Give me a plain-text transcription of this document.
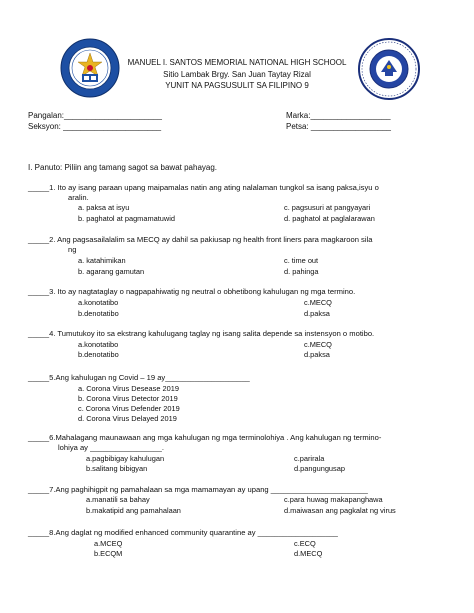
MANUEL I. SANTOS MEMORIAL NATIONAL HIGH SCHOOL
Sitio Lambak Brgy. San Juan Taytay Rizal
YUNIT NA PAGSUSULIT SA FILIPINO 9
Pangalan:______________________
Seksyon: ______________________
Marka:__________________
Petsa: __________________
I. Panuto: Piliin ang tamang sagot sa bawat pahayag.
_____1. Ito ay isang paraan upang maipamalas natin ang ating nalalaman tungkol sa isang paksa,isyu o
aralin.
a. paksa at isyu
b. paghatol at pagmamatuwid
c. pagsusuri at pangyayari
d. paghatol at paglalarawan
_____2. Ang pagsasailalalim sa MECQ ay dahil sa pakiusap ng health front liners para magkaroon sila
ng
a. katahimikan
b. agarang gamutan
c. time out
d. pahinga
_____3. Ito ay nagtataglay o nagpapahiwatig ng neutral o obhetibong kahulugan ng mga termino.
a.konotatibo
b.denotatibo
c.MECQ
d.paksa
_____4. Tumutukoy ito sa ekstrang kahulugang taglay ng isang salita depende sa instensyon o motibo.
a.konotatibo
b.denotatibo
c.MECQ
d.paksa
_____5.Ang kahulugan ng Covid – 19 ay____________________
a. Corona Virus Desease 2019
b. Corona Virus Detector 2019
c. Corona Virus Defender 2019
d. Corona Virus Delayed 2019
_____6.Mahalagang maunawaan ang mga kahulugan ng mga terminolohiya . Ang kahulugan ng termino-
lohiya ay _________________.
a.pagbibigay kahulugan
b.salitang bibigyan
c.parirala
d.pangungusap
_____7.Ang paghihigpit ng pamahalaan sa mga mamamayan ay upang _______________________
a.manatili sa bahay
b.makatipid ang pamahalaan
c.para huwag makapanghawa
d.maiwasan ang pagkalat ng virus
_____8.Ang daglat ng modified enhanced community quarantine ay ___________________
a.MCEQ
b.ECQM
c.ECQ
d.MECQ
